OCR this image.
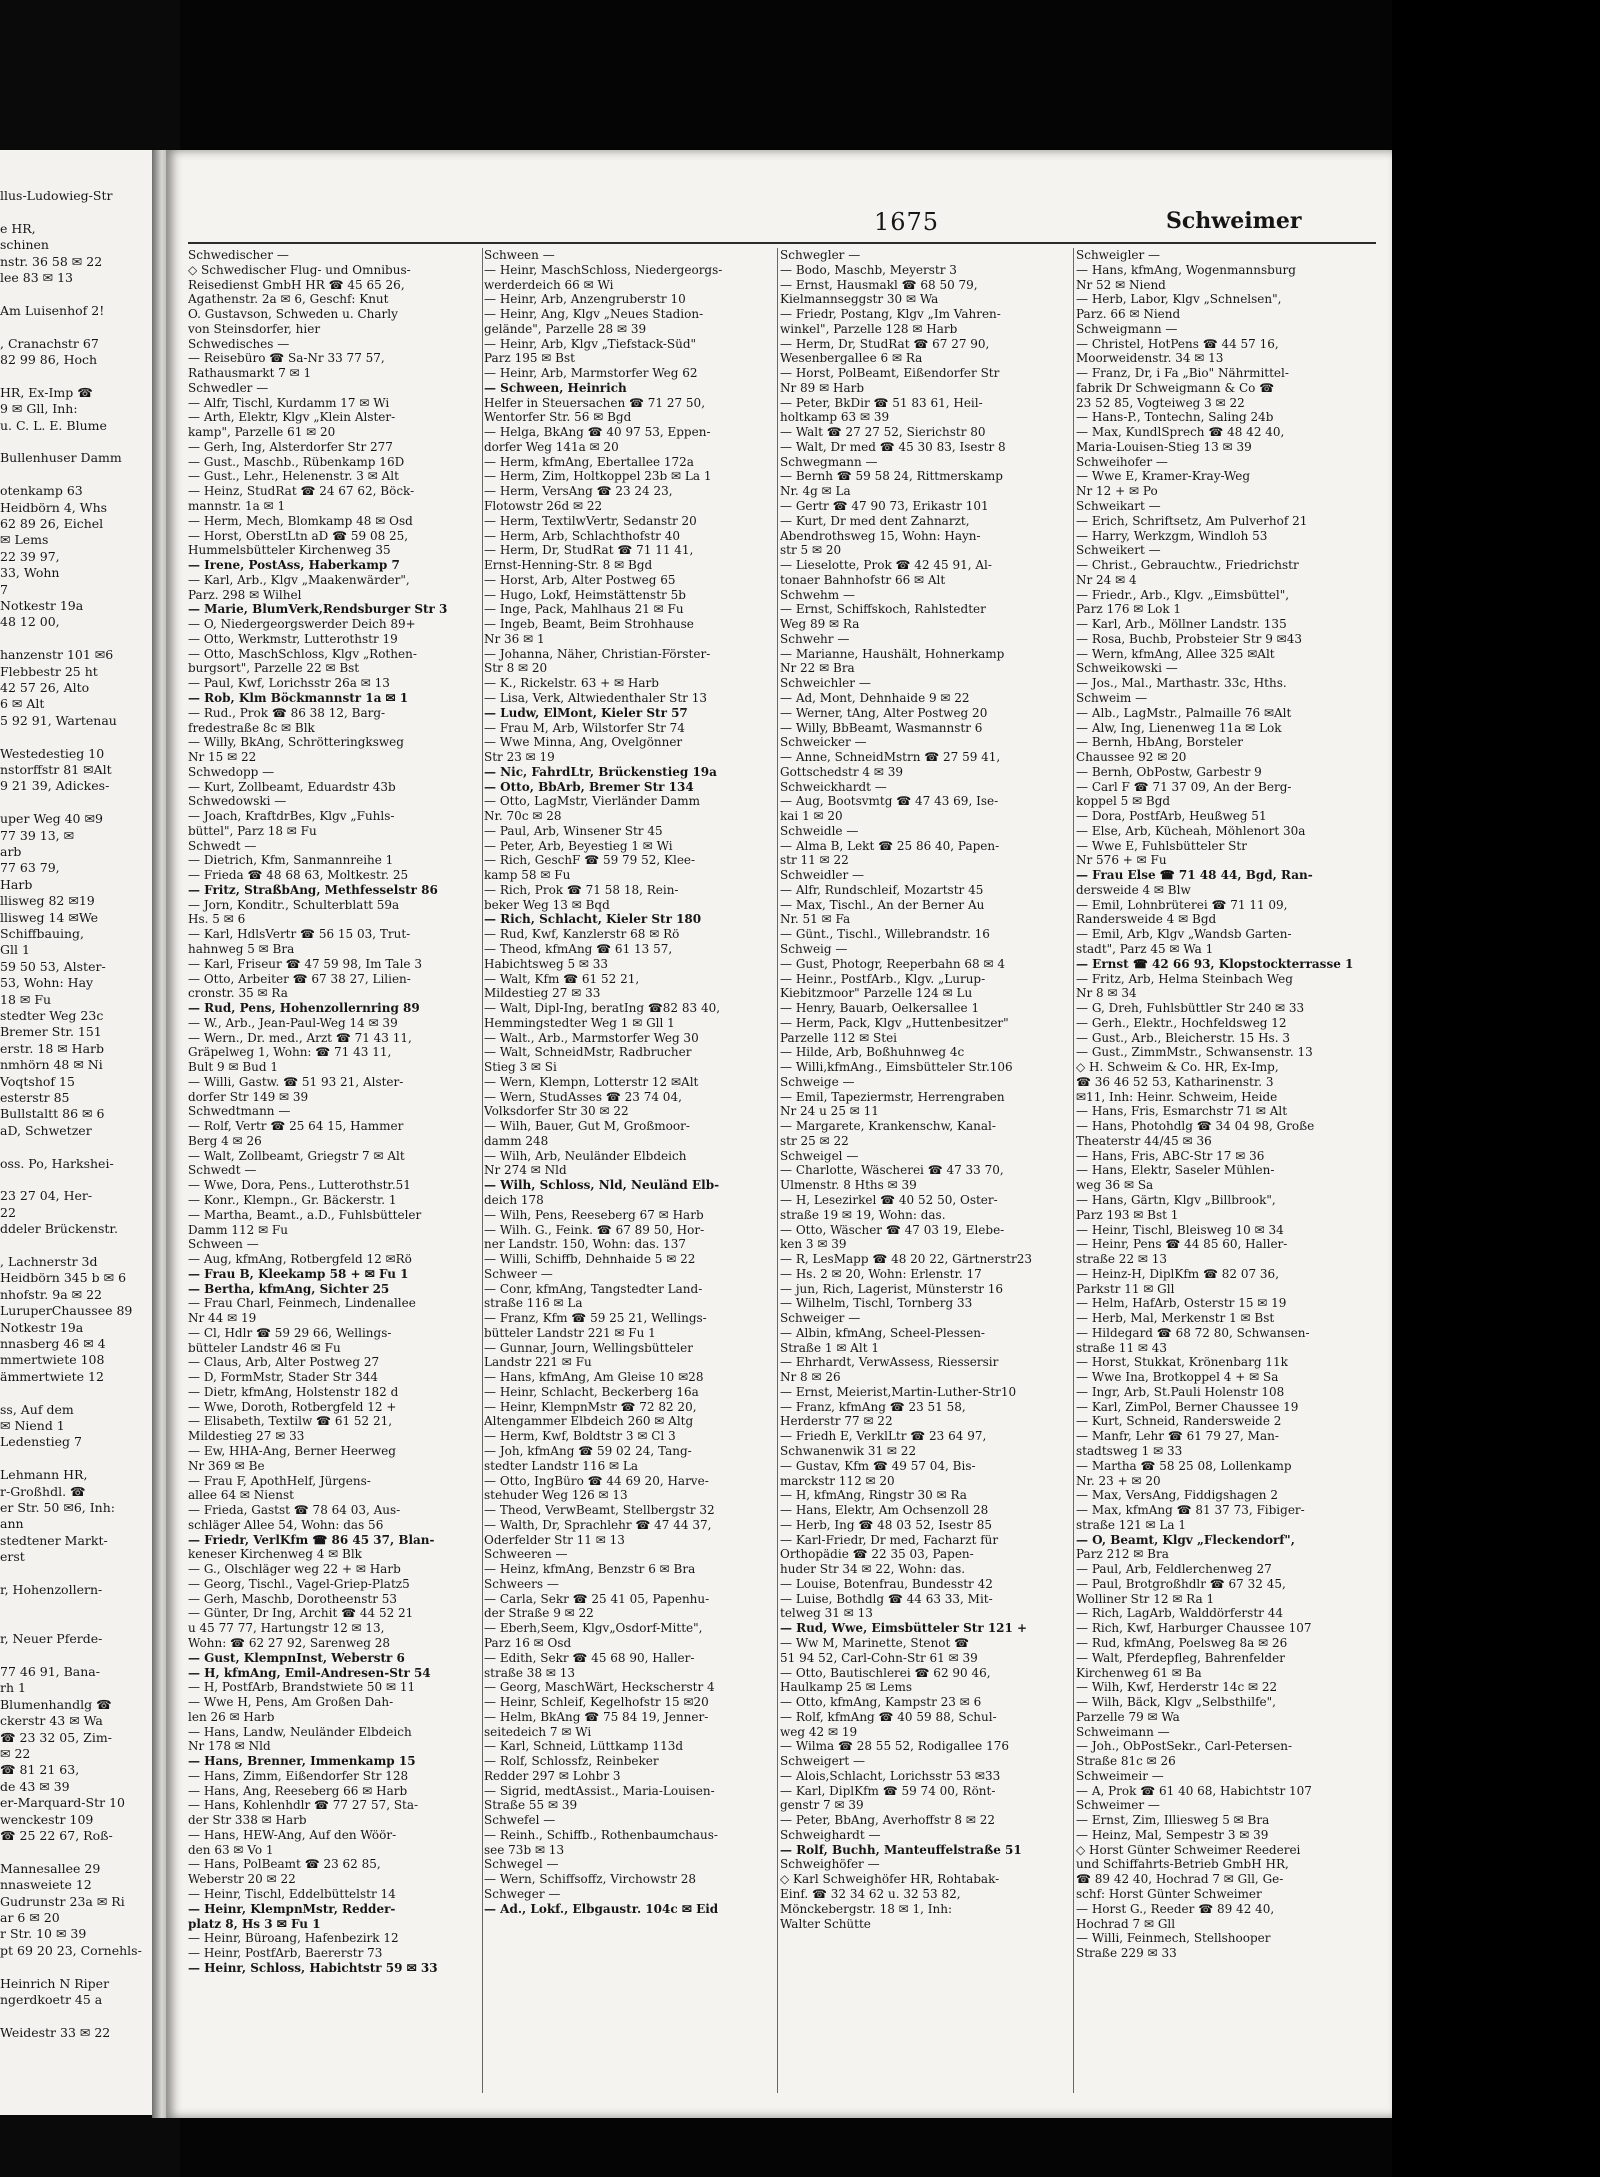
llus-Ludowieg-Str
e HR,
schinen
nstr. 36 58 ✉ 22
lee 83 ✉ 13
Am Luisenhof 2!
, Cranachstr 67
82 99 86, Hoch
HR, Ex-Imp ☎
9 ✉ Gll, Inh:
u. C. L. E. Blume
Bullenhuser Damm
otenkamp 63
Heidbörn 4, Whs
62 89 26, Eichel
✉ Lems
22 39 97,
33, Wohn
7
Notkestr 19a
48 12 00,
hanzenstr 101 ✉6
Flebbestr 25 ht
42 57 26, Alto
6 ✉ Alt
5 92 91, Wartenau
Westedestieg 10
nstorffstr 81 ✉Alt
9 21 39, Adickes-
uper Weg 40 ✉9
77 39 13, ✉
arb
77 63 79,
Harb
llisweg 82 ✉19
llisweg 14 ✉We
Schiffbauing,
Gll 1
59 50 53, Alster-
53, Wohn: Hay
18 ✉ Fu
stedter Weg 23c
Bremer Str. 151
erstr. 18 ✉ Harb
nmhörn 48 ✉ Ni
Voqtshof 15
esterstr 85
Bullstaltt 86 ✉ 6
aD, Schwetzer
oss. Po, Harkshei-
23 27 04, Her-
22
ddeler Brückenstr.
, Lachnerstr 3d
Heidbörn 345 b ✉ 6
nhofstr. 9a ✉ 22
LuruperChaussee 89
Notkestr 19a
nnasberg 46 ✉ 4
mmertwiete 108
ämmertwiete 12
ss, Auf dem
✉ Niend 1
Ledenstieg 7
Lehmann HR,
r-Großhdl. ☎
er Str. 50 ✉6, Inh:
ann
stedtener Markt-
erst
r, Hohenzollern-
r, Neuer Pferde-
77 46 91, Bana-
rh 1
Blumenhandlg ☎
ckerstr 43 ✉ Wa
☎ 23 32 05, Zim-
✉ 22
☎ 81 21 63,
de 43 ✉ 39
er-Marquard-Str 10
wenckestr 109
☎ 25 22 67, Roß-
Mannesallee 29
nnasweiete 12
Gudrunstr 23a ✉ Ri
ar 6 ✉ 20
r Str. 10 ✉ 39
pt 69 20 23, Cornehls-
Heinrich N Riper
ngerdkoetr 45 a
Weidestr 33 ✉ 22
1675	Schweimer
Schwedischer —
◇ Schwedischer Flug- und Omnibus-
Reisedienst GmbH HR ☎ 45 65 26,
Agathenstr. 2a ✉ 6, Geschf: Knut
O. Gustavson, Schweden u. Charly
von Steinsdorfer, hier
Schwedisches —
— Reisebüro ☎ Sa-Nr 33 77 57,
Rathausmarkt 7 ✉ 1
Schwedler —
— Alfr, Tischl, Kurdamm 17 ✉ Wi
— Arth, Elektr, Klgv „Klein Alster-
kamp", Parzelle 61 ✉ 20
— Gerh, Ing, Alsterdorfer Str 277
— Gust., Maschb., Rübenkamp 16D
— Gust., Lehr., Helenenstr. 3 ✉ Alt
— Heinz, StudRat ☎ 24 67 62, Böck-
mannstr. 1a ✉ 1
— Herm, Mech, Blomkamp 48 ✉ Osd
— Horst, OberstLtn aD ☎ 59 08 25,
Hummelsbütteler Kirchenweg 35
— Irene, PostAss, Haberkamp 7
— Karl, Arb., Klgv „Maakenwärder",
Parz. 298 ✉ Wilhel
— Marie, BlumVerk,Rendsburger Str 3
— O, Niedergeorgswerder Deich 89+
— Otto, Werkmstr, Lutterothstr 19
— Otto, MaschSchloss, Klgv „Rothen-
burgsort", Parzelle 22 ✉ Bst
— Paul, Kwf, Lorichsstr 26a ✉ 13
— Rob, Klm Böckmannstr 1a ✉ 1
— Rud., Prok ☎ 86 38 12, Barg-
fredestraße 8c ✉ Blk
— Willy, BkAng, Schrötteringksweg
Nr 15 ✉ 22
Schwedopp —
— Kurt, Zollbeamt, Eduardstr 43b
Schwedowski —
— Joach, KraftdrBes, Klgv „Fuhls-
büttel", Parz 18 ✉ Fu
Schwedt —
— Dietrich, Kfm, Sanmannreihe 1
— Frieda ☎ 48 68 63, Moltkestr. 25
— Fritz, StraßbAng, Methfesselstr 86
— Jorn, Konditr., Schulterblatt 59a
Hs. 5 ✉ 6
— Karl, HdlsVertr ☎ 56 15 03, Trut-
hahnweg 5 ✉ Bra
— Karl, Friseur ☎ 47 59 98, Im Tale 3
— Otto, Arbeiter ☎ 67 38 27, Lilien-
cronstr. 35 ✉ Ra
— Rud, Pens, Hohenzollernring 89
— W., Arb., Jean-Paul-Weg 14 ✉ 39
— Wern., Dr. med., Arzt ☎ 71 43 11,
Gräpelweg 1, Wohn: ☎ 71 43 11,
Bult 9 ✉ Bud 1
— Willi, Gastw. ☎ 51 93 21, Alster-
dorfer Str 149 ✉ 39
Schwedtmann —
— Rolf, Vertr ☎ 25 64 15, Hammer
Berg 4 ✉ 26
— Walt, Zollbeamt, Griegstr 7 ✉ Alt
Schwedt —
— Wwe, Dora, Pens., Lutterothstr.51
— Konr., Klempn., Gr. Bäckerstr. 1
— Martha, Beamt., a.D., Fuhlsbütteler
Damm 112 ✉ Fu
Schween —
— Aug, kfmAng, Rotbergfeld 12 ✉Rö
— Frau B, Kleekamp 58 + ✉ Fu 1
— Bertha, kfmAng, Sichter 25
— Frau Charl, Feinmech, Lindenallee
Nr 44 ✉ 19
— Cl, Hdlr ☎ 59 29 66, Wellings-
bütteler Landstr 46 ✉ Fu
— Claus, Arb, Alter Postweg 27
— D, FormMstr, Stader Str 344
— Dietr, kfmAng, Holstenstr 182 d
— Wwe, Doroth, Rotbergfeld 12 +
— Elisabeth, Textilw ☎ 61 52 21,
Mildestieg 27 ✉ 33
— Ew, HHA-Ang, Berner Heerweg
Nr 369 ✉ Be
— Frau F, ApothHelf, Jürgens-
allee 64 ✉ Nienst
— Frieda, Gastst ☎ 78 64 03, Aus-
schläger Allee 54, Wohn: das 56
— Friedr, VerlKfm ☎ 86 45 37, Blan-
keneser Kirchenweg 4 ✉ Blk
— G., Olschläger weg 22 + ✉ Harb
— Georg, Tischl., Vagel-Griep-Platz5
— Gerh, Maschb, Dorotheenstr 53
— Günter, Dr Ing, Archit ☎ 44 52 21
u 45 77 77, Hartungstr 12 ✉ 13,
Wohn: ☎ 62 27 92, Sarenweg 28
— Gust, KlempnInst, Weberstr 6
— H, kfmAng, Emil-Andresen-Str 54
— H, PostfArb, Brandstwiete 50 ✉ 11
— Wwe H, Pens, Am Großen Dah-
len 26 ✉ Harb
— Hans, Landw, Neuländer Elbdeich
Nr 178 ✉ Nld
— Hans, Brenner, Immenkamp 15
— Hans, Zimm, Eißendorfer Str 128
— Hans, Ang, Reeseberg 66 ✉ Harb
— Hans, Kohlenhdlr ☎ 77 27 57, Sta-
der Str 338 ✉ Harb
— Hans, HEW-Ang, Auf den Wöör-
den 63 ✉ Vo 1
— Hans, PolBeamt ☎ 23 62 85,
Weberstr 20 ✉ 22
— Heinr, Tischl, Eddelbüttelstr 14
— Heinr, KlempnMstr, Redder-
platz 8, Hs 3 ✉ Fu 1
— Heinr, Büroang, Hafenbezirk 12
— Heinr, PostfArb, Baererstr 73
— Heinr, Schloss, Habichtstr 59 ✉ 33
Schween —
— Heinr, MaschSchloss, Niedergeorgs-
werderdeich 66 ✉ Wi
— Heinr, Arb, Anzengruberstr 10
— Heinr, Ang, Klgv „Neues Stadion-
gelände", Parzelle 28 ✉ 39
— Heinr, Arb, Klgv „Tiefstack-Süd"
Parz 195 ✉ Bst
— Heinr, Arb, Marmstorfer Weg 62
— Schween, Heinrich
Helfer in Steuersachen ☎ 71 27 50,
Wentorfer Str. 56 ✉ Bgd
— Helga, BkAng ☎ 40 97 53, Eppen-
dorfer Weg 141a ✉ 20
— Herm, kfmAng, Ebertallee 172a
— Herm, Zim, Holtkoppel 23b ✉ La 1
— Herm, VersAng ☎ 23 24 23,
Flotowstr 26d ✉ 22
— Herm, TextilwVertr, Sedanstr 20
— Herm, Arb, Schlachthofstr 40
— Herm, Dr, StudRat ☎ 71 11 41,
Ernst-Henning-Str. 8 ✉ Bgd
— Horst, Arb, Alter Postweg 65
— Hugo, Lokf, Heimstättenstr 5b
— Inge, Pack, Mahlhaus 21 ✉ Fu
— Ingeb, Beamt, Beim Strohhause
Nr 36 ✉ 1
— Johanna, Näher, Christian-Förster-
Str 8 ✉ 20
— K., Rickelstr. 63 + ✉ Harb
— Lisa, Verk, Altwiedenthaler Str 13
— Ludw, ElMont, Kieler Str 57
— Frau M, Arb, Wilstorfer Str 74
— Wwe Minna, Ang, Ovelgönner
Str 23 ✉ 19
— Nic, FahrdLtr, Brückenstieg 19a
— Otto, BbArb, Bremer Str 134
— Otto, LagMstr, Vierländer Damm
Nr. 70c ✉ 28
— Paul, Arb, Winsener Str 45
— Peter, Arb, Beyestieg 1 ✉ Wi
— Rich, GeschF ☎ 59 79 52, Klee-
kamp 58 ✉ Fu
— Rich, Prok ☎ 71 58 18, Rein-
beker Weg 13 ✉ Bqd
— Rich, Schlacht, Kieler Str 180
— Rud, Kwf, Kanzlerstr 68 ✉ Rö
— Theod, kfmAng ☎ 61 13 57,
Habichtsweg 5 ✉ 33
— Walt, Kfm ☎ 61 52 21,
Mildestieg 27 ✉ 33
— Walt, Dipl-Ing, beratIng ☎82 83 40,
Hemmingstedter Weg 1 ✉ Gll 1
— Walt., Arb., Marmstorfer Weg 30
— Walt, SchneidMstr, Radbrucher
Stieg 3 ✉ Si
— Wern, Klempn, Lotterstr 12 ✉Alt
— Wern, StudAsses ☎ 23 74 04,
Volksdorfer Str 30 ✉ 22
— Wilh, Bauer, Gut M, Großmoor-
damm 248
— Wilh, Arb, Neuländer Elbdeich
Nr 274 ✉ Nld
— Wilh, Schloss, Nld, Neuländ Elb-
deich 178
— Wilh, Pens, Reeseberg 67 ✉ Harb
— Wilh. G., Feink. ☎ 67 89 50, Hor-
ner Landstr. 150, Wohn: das. 137
— Willi, Schiffb, Dehnhaide 5 ✉ 22
Schweer —
— Conr, kfmAng, Tangstedter Land-
straße 116 ✉ La
— Franz, Kfm ☎ 59 25 21, Wellings-
bütteler Landstr 221 ✉ Fu 1
— Gunnar, Journ, Wellingsbütteler
Landstr 221 ✉ Fu
— Hans, kfmAng, Am Gleise 10 ✉28
— Heinr, Schlacht, Beckerberg 16a
— Heinr, KlempnMstr ☎ 72 82 20,
Altengammer Elbdeich 260 ✉ Altg
— Herm, Kwf, Boldtstr 3 ✉ Cl 3
— Joh, kfmAng ☎ 59 02 24, Tang-
stedter Landstr 116 ✉ La
— Otto, IngBüro ☎ 44 69 20, Harve-
stehuder Weg 126 ✉ 13
— Theod, VerwBeamt, Stellbergstr 32
— Walth, Dr, Sprachlehr ☎ 47 44 37,
Oderfelder Str 11 ✉ 13
Schweeren —
— Heinz, kfmAng, Benzstr 6 ✉ Bra
Schweers —
— Carla, Sekr ☎ 25 41 05, Papenhu-
der Straße 9 ✉ 22
— Eberh,Seem, Klgv„Osdorf-Mitte",
Parz 16 ✉ Osd
— Edith, Sekr ☎ 45 68 90, Haller-
straße 38 ✉ 13
— Georg, MaschWärt, Heckscherstr 4
— Heinr, Schleif, Kegelhofstr 15 ✉20
— Helm, BkAng ☎ 75 84 19, Jenner-
seitedeich 7 ✉ Wi
— Karl, Schneid, Lüttkamp 113d
— Rolf, Schlossfz, Reinbeker
Redder 297 ✉ Lohbr 3
— Sigrid, medtAssist., Maria-Louisen-
Straße 55 ✉ 39
Schwefel —
— Reinh., Schiffb., Rothenbaumchaus-
see 73b ✉ 13
Schwegel —
— Wern, Schiffsoffz, Virchowstr 28
Schweger —
— Ad., Lokf., Elbgaustr. 104c ✉ Eid
Schwegler —
— Bodo, Maschb, Meyerstr 3
— Ernst, Hausmakl ☎ 68 50 79,
Kielmannseggstr 30 ✉ Wa
— Friedr, Postang, Klgv „Im Vahren-
winkel", Parzelle 128 ✉ Harb
— Herm, Dr, StudRat ☎ 67 27 90,
Wesenbergallee 6 ✉ Ra
— Horst, PolBeamt, Eißendorfer Str
Nr 89 ✉ Harb
— Peter, BkDir ☎ 51 83 61, Heil-
holtkamp 63 ✉ 39
— Walt ☎ 27 27 52, Sierichstr 80
— Walt, Dr med ☎ 45 30 83, Isestr 8
Schwegmann —
— Bernh ☎ 59 58 24, Rittmerskamp
Nr. 4g ✉ La
— Gertr ☎ 47 90 73, Erikastr 101
— Kurt, Dr med dent Zahnarzt,
Abendrothsweg 15, Wohn: Hayn-
str 5 ✉ 20
— Lieselotte, Prok ☎ 42 45 91, Al-
tonaer Bahnhofstr 66 ✉ Alt
Schwehm —
— Ernst, Schiffskoch, Rahlstedter
Weg 89 ✉ Ra
Schwehr —
— Marianne, Haushält, Hohnerkamp
Nr 22 ✉ Bra
Schweichler —
— Ad, Mont, Dehnhaide 9 ✉ 22
— Werner, tAng, Alter Postweg 20
— Willy, BbBeamt, Wasmannstr 6
Schweicker —
— Anne, SchneidMstrn ☎ 27 59 41,
Gottschedstr 4 ✉ 39
Schweickhardt —
— Aug, Bootsvmtg ☎ 47 43 69, Ise-
kai 1 ✉ 20
Schweidle —
— Alma B, Lekt ☎ 25 86 40, Papen-
str 11 ✉ 22
Schweidler —
— Alfr, Rundschleif, Mozartstr 45
— Max, Tischl., An der Berner Au
Nr. 51 ✉ Fa
— Günt., Tischl., Willebrandstr. 16
Schweig —
— Gust, Photogr, Reeperbahn 68 ✉ 4
— Heinr., PostfArb., Klgv. „Lurup-
Kiebitzmoor" Parzelle 124 ✉ Lu
— Henry, Bauarb, Oelkersallee 1
— Herm, Pack, Klgv „Huttenbesitzer"
Parzelle 112 ✉ Stei
— Hilde, Arb, Boßhuhnweg 4c
— Willi,kfmAng., Eimsbütteler Str.106
Schweige —
— Emil, Tapeziermstr, Herrengraben
Nr 24 u 25 ✉ 11
— Margarete, Krankenschw, Kanal-
str 25 ✉ 22
Schweigel —
— Charlotte, Wäscherei ☎ 47 33 70,
Ulmenstr. 8 Hths ✉ 39
— H, Lesezirkel ☎ 40 52 50, Oster-
straße 19 ✉ 19, Wohn: das.
— Otto, Wäscher ☎ 47 03 19, Elebe-
ken 3 ✉ 39
— R, LesMapp ☎ 48 20 22, Gärtnerstr23
— Hs. 2 ✉ 20, Wohn: Erlenstr. 17
— jun, Rich, Lagerist, Münsterstr 16
— Wilhelm, Tischl, Tornberg 33
Schweiger —
— Albin, kfmAng, Scheel-Plessen-
Straße 1 ✉ Alt 1
— Ehrhardt, VerwAssess, Riessersir
Nr 8 ✉ 26
— Ernst, Meierist,Martin-Luther-Str10
— Franz, kfmAng ☎ 23 51 58,
Herderstr 77 ✉ 22
— Friedh E, VerklLtr ☎ 23 64 97,
Schwanenwik 31 ✉ 22
— Gustav, Kfm ☎ 49 57 04, Bis-
marckstr 112 ✉ 20
— H, kfmAng, Ringstr 30 ✉ Ra
— Hans, Elektr, Am Ochsenzoll 28
— Herb, Ing ☎ 48 03 52, Isestr 85
— Karl-Friedr, Dr med, Facharzt für
Orthopädie ☎ 22 35 03, Papen-
huder Str 34 ✉ 22, Wohn: das.
— Louise, Botenfrau, Bundesstr 42
— Luise, Bothdlg ☎ 44 63 33, Mit-
telweg 31 ✉ 13
— Rud, Wwe, Eimsbütteler Str 121 +
— Ww M, Marinette, Stenot ☎
51 94 52, Carl-Cohn-Str 61 ✉ 39
— Otto, Bautischlerei ☎ 62 90 46,
Haulkamp 25 ✉ Lems
— Otto, kfmAng, Kampstr 23 ✉ 6
— Rolf, kfmAng ☎ 40 59 88, Schul-
weg 42 ✉ 19
— Wilma ☎ 28 55 52, Rodigallee 176
Schweigert —
— Alois,Schlacht, Lorichsstr 53 ✉33
— Karl, DiplKfm ☎ 59 74 00, Rönt-
genstr 7 ✉ 39
— Peter, BbAng, Averhoffstr 8 ✉ 22
Schweighardt —
— Rolf, Buchh, Manteuffelstraße 51
Schweighöfer —
◇ Karl Schweighöfer HR, Rohtabak-
Einf. ☎ 32 34 62 u. 32 53 82,
Mönckebergstr. 18 ✉ 1, Inh:
Walter Schütte
Schweigler —
— Hans, kfmAng, Wogenmannsburg
Nr 52 ✉ Niend
— Herb, Labor, Klgv „Schnelsen",
Parz. 66 ✉ Niend
Schweigmann —
— Christel, HotPens ☎ 44 57 16,
Moorweidenstr. 34 ✉ 13
— Franz, Dr, i Fa „Bio" Nährmittel-
fabrik Dr Schweigmann & Co ☎
23 52 85, Vogteiweg 3 ✉ 22
— Hans-P., Tontechn, Saling 24b
— Max, KundlSprech ☎ 48 42 40,
Maria-Louisen-Stieg 13 ✉ 39
Schweihofer —
— Wwe E, Kramer-Kray-Weg
Nr 12 + ✉ Po
Schweikart —
— Erich, Schriftsetz, Am Pulverhof 21
— Harry, Werkzgm, Windloh 53
Schweikert —
— Christ., Gebrauchtw., Friedrichstr
Nr 24 ✉ 4
— Friedr., Arb., Klgv. „Eimsbüttel",
Parz 176 ✉ Lok 1
— Karl, Arb., Möllner Landstr. 135
— Rosa, Buchb, Probsteier Str 9 ✉43
— Wern, kfmAng, Allee 325 ✉Alt
Schweikowski —
— Jos., Mal., Marthastr. 33c, Hths.
Schweim —
— Alb., LagMstr., Palmaille 76 ✉Alt
— Alw, Ing, Lienenweg 11a ✉ Lok
— Bernh, HbAng, Borsteler
Chaussee 92 ✉ 20
— Bernh, ObPostw, Garbestr 9
— Carl F ☎ 71 37 09, An der Berg-
koppel 5 ✉ Bgd
— Dora, PostfArb, Heußweg 51
— Else, Arb, Kücheah, Möhlenort 30a
— Wwe E, Fuhlsbütteler Str
Nr 576 + ✉ Fu
— Frau Else ☎ 71 48 44, Bgd, Ran-
dersweide 4 ✉ Blw
— Emil, Lohnbrüterei ☎ 71 11 09,
Randersweide 4 ✉ Bgd
— Emil, Arb, Klgv „Wandsb Garten-
stadt", Parz 45 ✉ Wa 1
— Ernst ☎ 42 66 93, Klopstockterrasse 1
— Fritz, Arb, Helma Steinbach Weg
Nr 8 ✉ 34
— G, Dreh, Fuhlsbüttler Str 240 ✉ 33
— Gerh., Elektr., Hochfeldsweg 12
— Gust., Arb., Bleicherstr. 15 Hs. 3
— Gust., ZimmMstr., Schwansenstr. 13
◇ H. Schweim & Co. HR, Ex-Imp,
☎ 36 46 52 53, Katharinenstr. 3
✉11, Inh: Heinr. Schweim, Heide
— Hans, Fris, Esmarchstr 71 ✉ Alt
— Hans, Photohdlg ☎ 34 04 98, Große
Theaterstr 44/45 ✉ 36
— Hans, Fris, ABC-Str 17 ✉ 36
— Hans, Elektr, Saseler Mühlen-
weg 36 ✉ Sa
— Hans, Gärtn, Klgv „Billbrook",
Parz 193 ✉ Bst 1
— Heinr, Tischl, Bleisweg 10 ✉ 34
— Heinr, Pens ☎ 44 85 60, Haller-
straße 22 ✉ 13
— Heinz-H, DiplKfm ☎ 82 07 36,
Parkstr 11 ✉ Gll
— Helm, HafArb, Osterstr 15 ✉ 19
— Herb, Mal, Merkenstr 1 ✉ Bst
— Hildegard ☎ 68 72 80, Schwansen-
straße 11 ✉ 43
— Horst, Stukkat, Krönenbarg 11k
— Wwe Ina, Brotkoppel 4 + ✉ Sa
— Ingr, Arb, St.Pauli Holenstr 108
— Karl, ZimPol, Berner Chaussee 19
— Kurt, Schneid, Randersweide 2
— Manfr, Lehr ☎ 61 79 27, Man-
stadtsweg 1 ✉ 33
— Martha ☎ 58 25 08, Lollenkamp
Nr. 23 + ✉ 20
— Max, VersAng, Fiddigshagen 2
— Max, kfmAng ☎ 81 37 73, Fibiger-
straße 121 ✉ La 1
— O, Beamt, Klgv „Fleckendorf",
Parz 212 ✉ Bra
— Paul, Arb, Feldlerchenweg 27
— Paul, Brotgroßhdlr ☎ 67 32 45,
Wolliner Str 12 ✉ Ra 1
— Rich, LagArb, Walddörferstr 44
— Rich, Kwf, Harburger Chaussee 107
— Rud, kfmAng, Poelsweg 8a ✉ 26
— Walt, Pferdepfleg, Bahrenfelder
Kirchenweg 61 ✉ Ba
— Wilh, Kwf, Herderstr 14c ✉ 22
— Wilh, Bäck, Klgv „Selbsthilfe",
Parzelle 79 ✉ Wa
Schweimann —
— Joh., ObPostSekr., Carl-Petersen-
Straße 81c ✉ 26
Schweimeir —
— A, Prok ☎ 61 40 68, Habichtstr 107
Schweimer —
— Ernst, Zim, Illiesweg 5 ✉ Bra
— Heinz, Mal, Sempestr 3 ✉ 39
◇ Horst Günter Schweimer Reederei
und Schiffahrts-Betrieb GmbH HR,
☎ 89 42 40, Hochrad 7 ✉ Gll, Ge-
schf: Horst Günter Schweimer
— Horst G., Reeder ☎ 89 42 40,
Hochrad 7 ✉ Gll
— Willi, Feinmech, Stellshooper
Straße 229 ✉ 33
